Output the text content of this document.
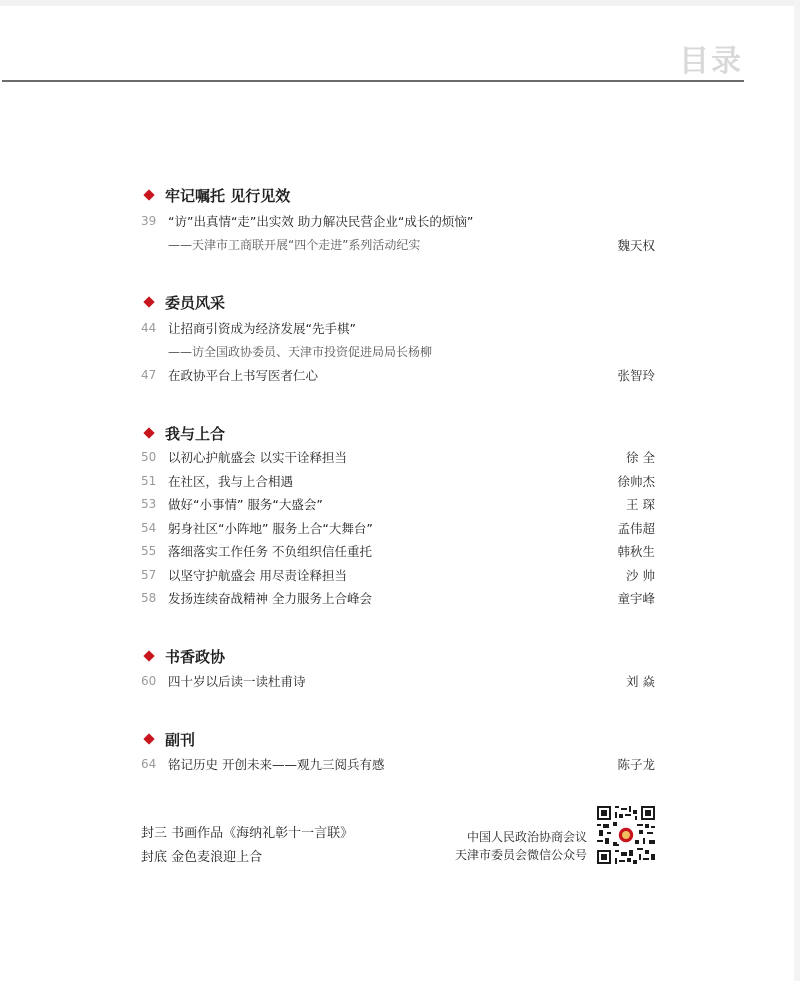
目录
牢记嘱托 见行见效
39 “访”出真情“走”出实效 助力解决民营企业“成长的烦恼”
——天津市工商联开展“四个走进”系列活动纪实	魏天权
委员风采
44 让招商引资成为经济发展“先手棋”
——访全国政协委员、天津市投资促进局局长杨柳
47 在政协平台上书写医者仁心	张智玲
我与上合
50 以初心护航盛会 以实干诠释担当	徐 全
51 在社区，我与上合相遇	徐帅杰
53 做好“小事情” 服务“大盛会”	王 琛
54 躬身社区“小阵地” 服务上合“大舞台”	孟伟超
55 落细落实工作任务 不负组织信任重托	韩秋生
57 以坚守护航盛会 用尽责诠释担当	沙 帅
58 发扬连续奋战精神 全力服务上合峰会	童宇峰
书香政协
60 四十岁以后读一读杜甫诗	刘 焱
副刊
64 铭记历史 开创未来——观九三阅兵有感	陈子龙
封三 书画作品《海纳礼彰十一言联》
封底 金色麦浪迎上合
中国人民政治协商会议
天津市委员会微信公众号
